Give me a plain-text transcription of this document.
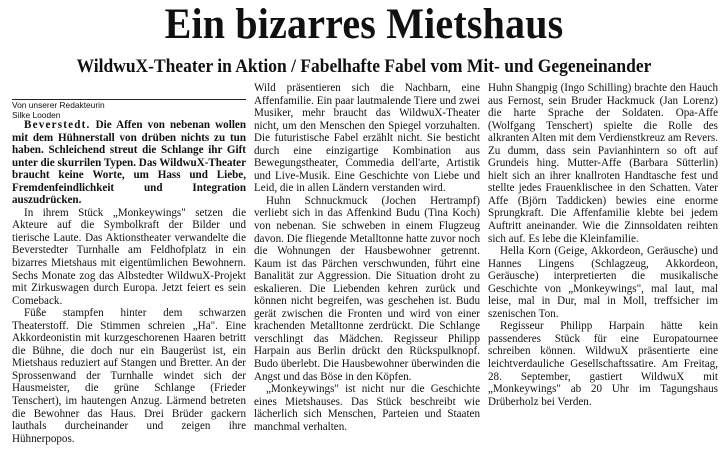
Ein bizarres Mietshaus
WildwuX-Theater in Aktion / Fabelhafte Fabel vom Mit- und Gegeneinander
Von unserer Redakteurin
Silke Looden

Beverstedt. Die Affen von nebenan wollen mit dem Hühnerstall von drüben nichts zu tun haben. Schleichend streut die Schlange ihr Gift unter die skurrilen Typen. Das WildwuX-Theater braucht keine Worte, um Hass und Liebe, Fremdenfeindlichkeit und Integration auszudrücken.

In ihrem Stück „Monkeywings" setzen die Akteure auf die Symbolkraft der Bilder und tierische Laute. Das Aktionstheater verwandelte die Beverstedter Turnhalle am Feldhofplatz in ein bizarres Mietshaus mit eigentümlichen Bewohnern. Sechs Monate zog das Albstedter WildwuX-Projekt mit Zirkuswagen durch Europa. Jetzt feiert es sein Comeback.

Füße stampfen hinter dem schwarzen Theaterstoff. Die Stimmen schreien „Ha". Eine Akkordeonistin mit kurzgeschorenen Haaren betritt die Bühne, die doch nur ein Baugerüst ist, ein Mietshaus reduziert auf Stangen und Bretter. An der Sprossenwand der Turnhalle windet sich der Hausmeister, die grüne Schlange (Frieder Tenschert), im hautengen Anzug. Lärmend betreten die Bewohner das Haus. Drei Brüder gackern lauthals durcheinander und zeigen ihre Hühnerpopos.

Wild präsentieren sich die Nachbarn, eine Affenfamilie. Ein paar lautmalende Tiere und zwei Musiker, mehr braucht das WildwuX-Theater nicht, um den Menschen den Spiegel vorzuhalten. Die futuristische Fabel erzählt nicht. Sie besticht durch eine einzigartige Kombination aus Bewegungstheater, Commedia dell'arte, Artistik und Live-Musik. Eine Geschichte von Liebe und Leid, die in allen Ländern verstanden wird.

Huhn Schnuckmuck (Jochen Hertrampf) verliebt sich in das Affenkind Budu (Tina Koch) von nebenan. Sie schweben in einem Flugzeug davon. Die fliegende Metalltonne hatte zuvor noch die Wohnungen der Hausbewohner getrennt. Kaum ist das Pärchen verschwunden, führt eine Banalität zur Aggression. Die Situation droht zu eskalieren. Die Liebenden kehren zurück und können nicht begreifen, was geschehen ist. Budu gerät zwischen die Fronten und wird von einer krachenden Metalltonne zerdrückt. Die Schlange verschlingt das Mädchen. Regisseur Philipp Harpain aus Berlin drückt den Rückspulknopf. Budo überlebt. Die Hausbewohner überwinden die Angst und das Böse in den Köpfen.

„Monkeywings" ist nicht nur die Geschichte eines Mietshauses. Das Stück beschreibt wie lächerlich sich Menschen, Parteien und Staaten manchmal verhalten.

Huhn Shangpig (Ingo Schilling) brachte den Hauch aus Fernost, sein Bruder Hackmuck (Jan Lorenz) die harte Sprache der Soldaten. Opa-Affe (Wolfgang Tenschert) spielte die Rolle des alkranten Alten mit dem Verdienstkreuz am Revers. Zu dumm, dass sein Pavianhintern so oft auf Grundeis hing. Mutter-Affe (Barbara Sütterlin) hielt sich an ihrer knallroten Handtasche fest und stellte jedes Frauenklischee in den Schatten. Vater Affe (Björn Taddicken) bewies eine enorme Sprungkraft. Die Affenfamilie klebte bei jedem Auftritt aneinander. Wie die Zinnsoldaten reihten sich auf. Es lebe die Kleinfamilie.

Hella Korn (Geige, Akkordeon, Geräusche) und Hannes Lingens (Schlagzeug, Akkordeon, Geräusche) interpretierten die musikalische Geschichte von „Monkeywings", mal laut, mal leise, mal in Dur, mal in Moll, treffsicher im szenischen Ton.

Regisseur Philipp Harpain hätte kein passenderes Stück für eine Europatournee schreiben können. WildwuX präsentierte eine leichtverdauliche Gesellschaftssatire. Am Freitag, 28. September, gastiert WildwuX mit „Monkeywings" ab 20 Uhr im Tagungshaus Drüberholz bei Verden.
